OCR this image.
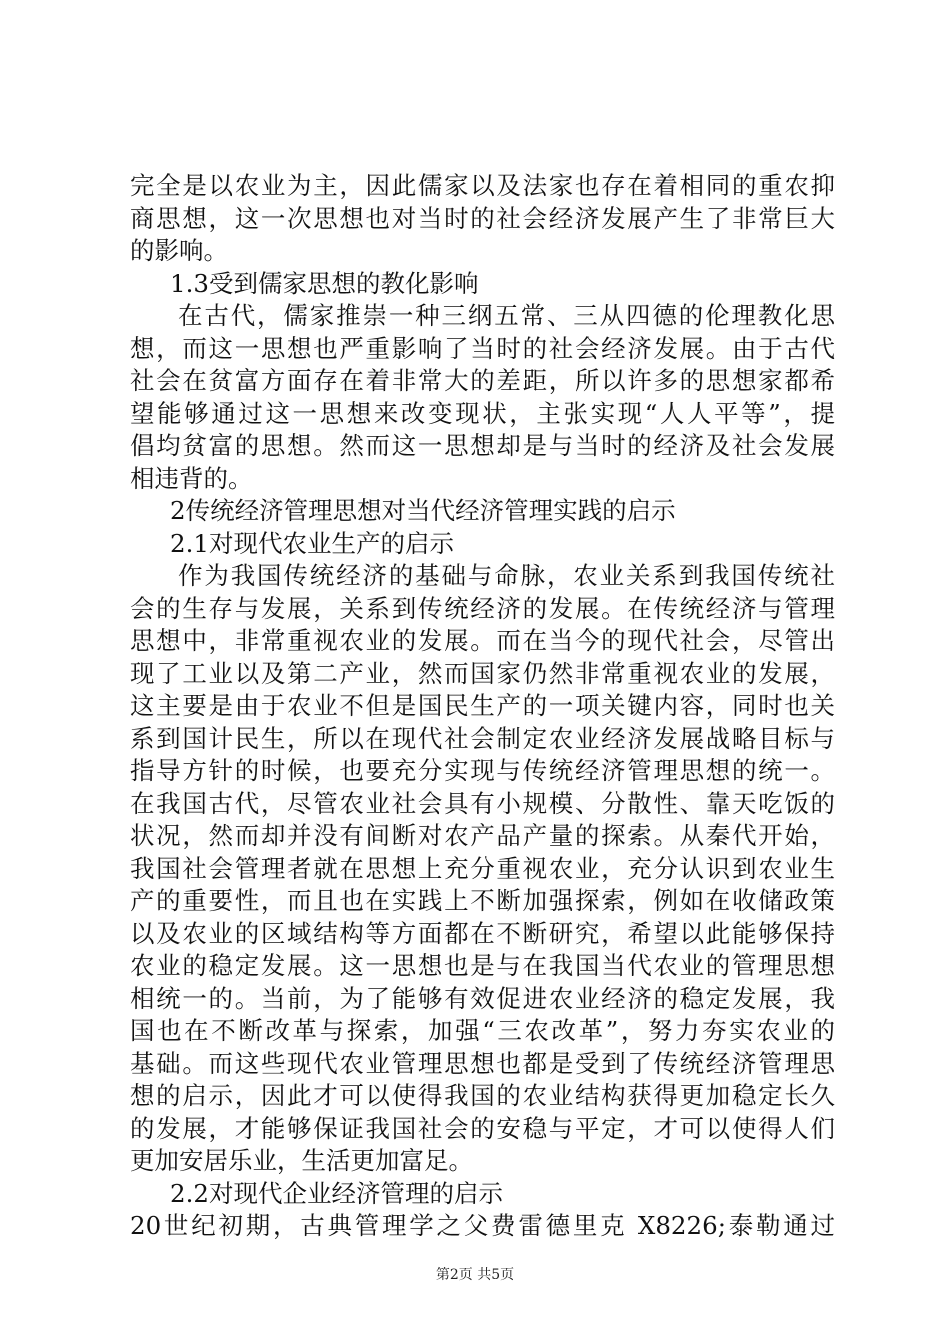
完全是以农业为主，因此儒家以及法家也存在着相同的重农抑
商思想，这一次思想也对当时的社会经济发展产生了非常巨大
的影响。
1.3受到儒家思想的教化影响
在古代，儒家推崇一种三纲五常、三从四德的伦理教化思
想，而这一思想也严重影响了当时的社会经济发展。由于古代
社会在贫富方面存在着非常大的差距，所以许多的思想家都希
望能够通过这一思想来改变现状，主张实现“人人平等”，提
倡均贫富的思想。然而这一思想却是与当时的经济及社会发展
相违背的。
2传统经济管理思想对当代经济管理实践的启示
2.1对现代农业生产的启示
作为我国传统经济的基础与命脉，农业关系到我国传统社
会的生存与发展，关系到传统经济的发展。在传统经济与管理
思想中，非常重视农业的发展。而在当今的现代社会，尽管出
现了工业以及第二产业，然而国家仍然非常重视农业的发展，
这主要是由于农业不但是国民生产的一项关键内容，同时也关
系到国计民生，所以在现代社会制定农业经济发展战略目标与
指导方针的时候，也要充分实现与传统经济管理思想的统一。
在我国古代，尽管农业社会具有小规模、分散性、靠天吃饭的
状况，然而却并没有间断对农产品产量的探索。从秦代开始，
我国社会管理者就在思想上充分重视农业，充分认识到农业生
产的重要性，而且也在实践上不断加强探索，例如在收储政策
以及农业的区域结构等方面都在不断研究，希望以此能够保持
农业的稳定发展。这一思想也是与在我国当代农业的管理思想
相统一的。当前，为了能够有效促进农业经济的稳定发展，我
国也在不断改革与探索，加强“三农改革”，努力夯实农业的
基础。而这些现代农业管理思想也都是受到了传统经济管理思
想的启示，因此才可以使得我国的农业结构获得更加稳定长久
的发展，才能够保证我国社会的安稳与平定，才可以使得人们
更加安居乐业，生活更加富足。
2.2对现代企业经济管理的启示
20世纪初期，古典管理学之父费雷德里克 X8226;泰勒通过
第2页 共5页
